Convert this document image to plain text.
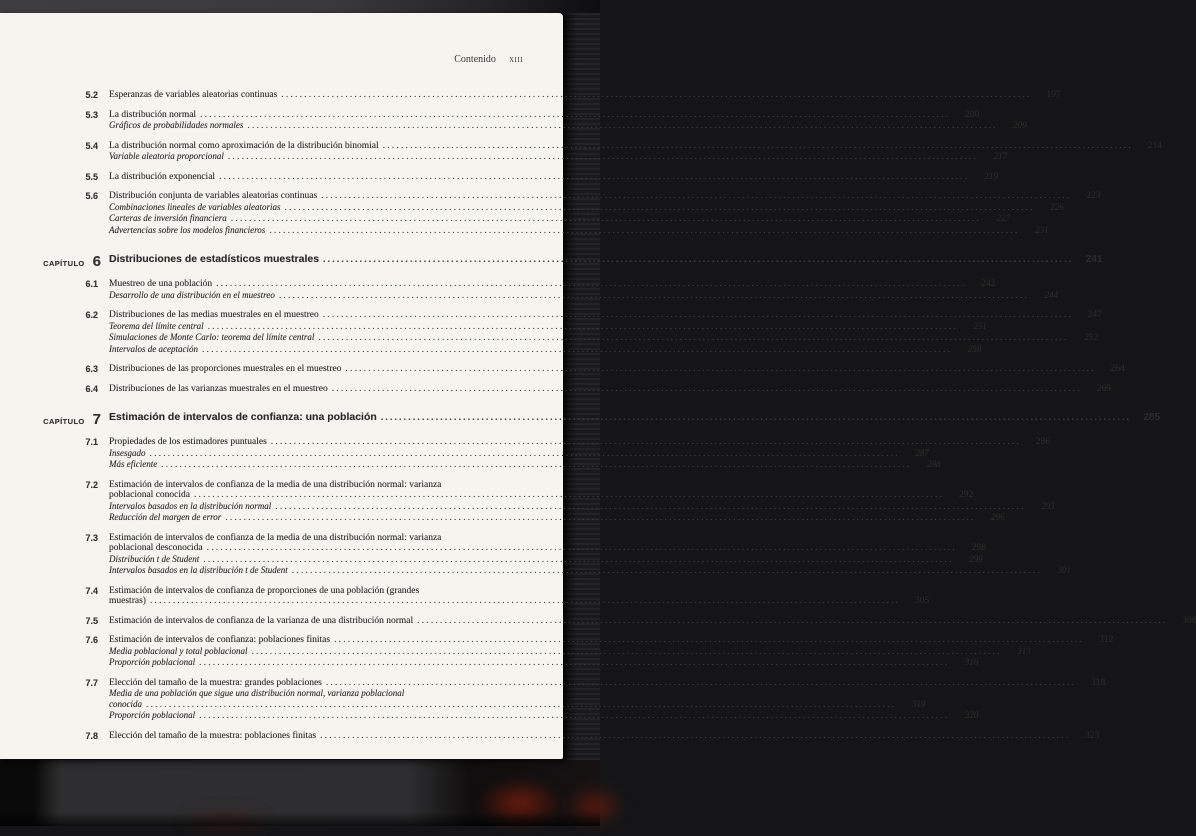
Contenido xiii
5.2 Esperanzas de variables aleatorias continuas .....	197
5.3 La distribución normal .....	200
Gráficos de probabilidades normales .....	209
5.4 La distribución normal como aproximación de la distribución binomial .....	214
Variable aleatoria proporcional .....	217
5.5 La distribución exponencial .....	219
5.6 Distribución conjunta de variables aleatorias continuas .....	223
Combinaciones lineales de variables aleatorias .....	226
Carteras de inversión financiera .....	227
Advertencias sobre los modelos financieros .....	231
CAPÍTULO 6 Distribuciones de estadísticos muestrales .....	241
6.1 Muestreo de una población .....	242
Desarrollo de una distribución en el muestreo .....	244
6.2 Distribuciones de las medias muestrales en el muestreo .....	247
Teorema del límite central .....	251
Simulaciones de Monte Carlo: teorema del límite central .....	252
Intervalos de aceptación .....	258
6.3 Distribuciones de las proporciones muestrales en el muestreo .....	264
6.4 Distribuciones de las varianzas muestrales en el muestreo .....	269
CAPÍTULO 7 Estimación de intervalos de confianza: una población .....	285
7.1 Propiedades de los estimadores puntuales .....	286
Insesgado .....	287
Más eficiente .....	288
7.2 Estimación de intervalos de confianza de la media de una distribución normal: varianza
poblacional conocida .....	292
Intervalos basados en la distribución normal .....	293
Reducción del margen de error .....	296
7.3 Estimación de intervalos de confianza de la media de una distribución normal: varianza
poblacional desconocida .....	298
Distribución t de Student .....	299
Intervalos basados en la distribución t de Student .....	301
7.4 Estimación de intervalos de confianza de proporciones de una población (grandes
muestras) .....	305
7.5 Estimación de intervalos de confianza de la varianza de una distribución normal .....	308
7.6 Estimación de intervalos de confianza: poblaciones finitas .....	312
Media poblacional y total poblacional .....	313
Proporción poblacional .....	316
7.7 Elección del tamaño de la muestra: grandes poblaciones .....	318
Media de una población que sigue una distribución normal, varianza poblacional
conocida .....	319
Proporción poblacional .....	320
7.8 Elección del tamaño de la muestra: poblaciones finitas .....	323
